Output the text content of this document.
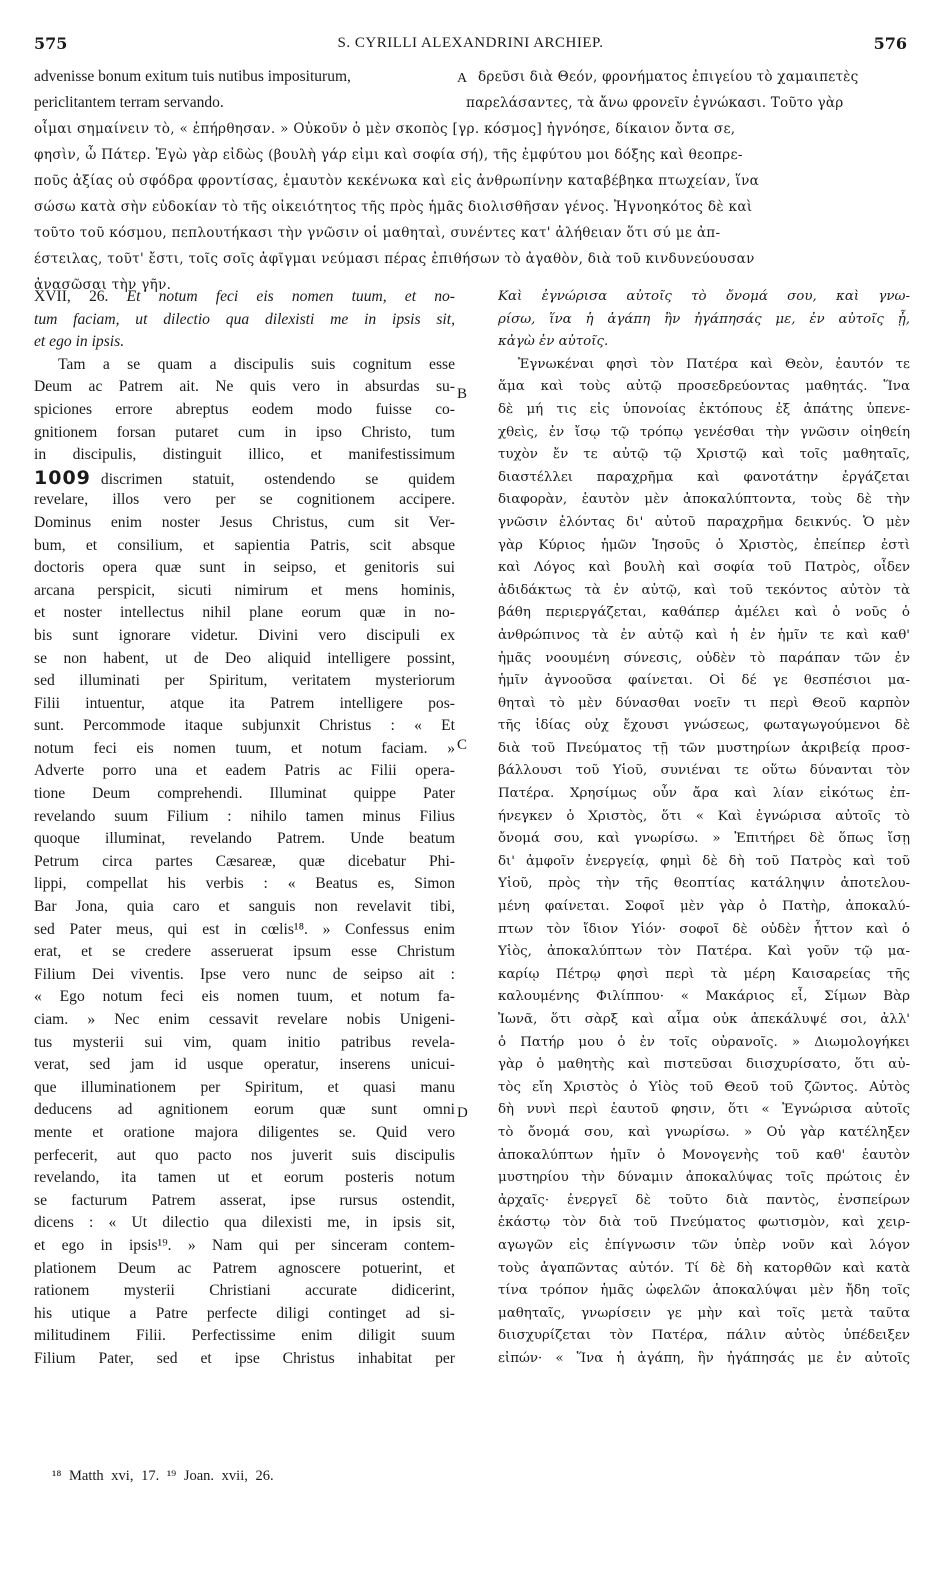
575	S. CYRILLI ALEXANDRINI ARCHIEP.	576
advenisse bonum exitum tuis nutibus impositurum,	A δρεῦσι διὰ Θεόν, φρονήματος ἐπιγείου τὸ χαμαιπετὲς
periclitantem terram servando.	παρελάσαντες, τὰ ἄνω φρονεῖν ἐγνώκασι. Τοῦτο γὰρ
οἶμαι σημαίνειν τὸ, « ἐπήρθησαν. » Οὐκοῦν ὁ μὲν σκοπὸς [γρ. κόσμος] ἠγνόησε, δίκαιον ὄντα σε,
φησὶν, ὦ Πάτερ. Ἐγὼ γὰρ εἰδὼς (βουλὴ γάρ εἰμι καὶ σοφία σή), τῆς ἐμφύτου μοι δόξης καὶ θεοπρε-
ποῦς ἀξίας οὐ σφόδρα φροντίσας, ἐμαυτὸν κεκένωκα καὶ εἰς ἀνθρωπίνην καταβέβηκα πτωχείαν, ἵνα
σώσω κατὰ σὴν εὐδοκίαν τὸ τῆς οἰκειότητος τῆς πρὸς ἡμᾶς διολισθῆσαν γένος. Ἠγνοηκότος δὲ καὶ
τοῦτο τοῦ κόσμου, πεπλουτήκασι τὴν γνῶσιν οἱ μαθηταὶ, συνέντες κατ' ἀλήθειαν ὅτι σύ με ἀπ-
έστειλας, τοῦτ' ἔστι, τοῖς σοῖς ἀφῖγμαι νεύμασι πέρας ἐπιθήσων τὸ ἀγαθὸν, διὰ τοῦ κινδυνεύουσαν
ἀνασῶσαι τὴν γῆν.
XVII, 26. Et notum feci eis nomen tuum, et no-
tum faciam, ut dilectio qua dilexisti me in ipsis sit,
et ego in ipsis.
Tam a se quam a discipulis suis cognitum esse
Deum ac Patrem ait. Ne quis vero in absurdas su-
spiciones errore abreptus eodem modo fuisse co-
gnitionem forsan putaret cum in ipso Christo, tum
in discipulis, distinguit illico, et manifestissimum
1009 discrimen statuit, ostendendo se quidem
revelare, illos vero per se cognitionem accipere.
Dominus enim noster Jesus Christus, cum sit Ver-
bum, et consilium, et sapientia Patris, scit absque
doctoris opera quæ sunt in seipso, et genitoris sui
arcana perspicit, sicuti nimirum et mens hominis,
et noster intellectus nihil plane eorum quæ in no-
bis sunt ignorare videtur. Divini vero discipuli ex
se non habent, ut de Deo aliquid intelligere possint,
sed illuminati per Spiritum, veritatem mysteriorum
Filii intuentur, atque ita Patrem intelligere pos-
sunt. Percommode itaque subjunxit Christus : « Et
notum feci eis nomen tuum, et notum faciam. »
Adverte porro una et eadem Patris ac Filii opera-
tione Deum comprehendi. Illuminat quippe Pater
revelando suum Filium : nihilo tamen minus Filius
quoque illuminat, revelando Patrem. Unde beatum
Petrum circa partes Cæsareæ, quæ dicebatur Phi-
lippi, compellat his verbis : « Beatus es, Simon
Bar Jona, quia caro et sanguis non revelavit tibi,
sed Pater meus, qui est in cœlis¹⁸. » Confessus enim
erat, et se credere asseruerat ipsum esse Christum
Filium Dei viventis. Ipse vero nunc de seipso ait :
« Ego notum feci eis nomen tuum, et notum fa-
ciam. » Nec enim cessavit revelare nobis Unigeni-
tus mysterii sui vim, quam initio patribus revela-
verat, sed jam id usque operatur, inserens unicui-
que illuminationem per Spiritum, et quasi manu
deducens ad agnitionem eorum quæ sunt omni
mente et oratione majora diligentes se. Quid vero
perfecerit, aut quo pacto nos juverit suis discipulis
revelando, ita tamen ut et eorum posteris notum
se facturum Patrem asserat, ipse rursus ostendit,
dicens : « Ut dilectio qua dilexisti me, in ipsis sit,
et ego in ipsis¹⁹. » Nam qui per sinceram contem-
plationem Deum ac Patrem agnoscere potuerint, et
rationem mysterii Christiani accurate didicerint,
his utique a Patre perfecte diligi continget ad si-
militudinem Filii. Perfectissime enim diligit suum
Filium Pater, sed et ipse Christus inhabitat per
B
C
D
Καὶ ἐγνώρισα αὐτοῖς τὸ ὄνομά σου, καὶ γνω-
ρίσω, ἵνα ἡ ἀγάπη ἣν ἠγάπησάς με, ἐν αὐτοῖς ᾖ,
κἀγὼ ἐν αὐτοῖς.
Ἐγνωκέναι φησὶ τὸν Πατέρα καὶ Θεὸν, ἑαυτόν τε
ἅμα καὶ τοὺς αὐτῷ προσεδρεύοντας μαθητάς. Ἵνα
δὲ μή τις εἰς ὑπονοίας ἐκτόπους ἐξ ἀπάτης ὑπενε-
χθεὶς, ἐν ἴσῳ τῷ τρόπῳ γενέσθαι τὴν γνῶσιν οἰηθείη
τυχὸν ἔν τε αὐτῷ τῷ Χριστῷ καὶ τοῖς μαθηταῖς,
διαστέλλει παραχρῆμα καὶ φανοτάτην ἐργάζεται
διαφορὰν, ἑαυτὸν μὲν ἀποκαλύπτοντα, τοὺς δὲ τὴν
γνῶσιν ἑλόντας δι' αὐτοῦ παραχρῆμα δεικνύς. Ὁ μὲν
γὰρ Κύριος ἡμῶν Ἰησοῦς ὁ Χριστὸς, ἐπείπερ ἐστὶ
καὶ Λόγος καὶ βουλὴ καὶ σοφία τοῦ Πατρὸς, οἶδεν
ἀδιδάκτως τὰ ἐν αὐτῷ, καὶ τοῦ τεκόντος αὐτὸν τὰ
βάθη περιεργάζεται, καθάπερ ἀμέλει καὶ ὁ νοῦς ὁ
ἀνθρώπινος τὰ ἐν αὐτῷ καὶ ἡ ἐν ἡμῖν τε καὶ καθ'
ἡμᾶς νοουμένη σύνεσις, οὐδὲν τὸ παράπαν τῶν ἐν
ἡμῖν ἀγνοοῦσα φαίνεται. Οἱ δέ γε θεσπέσιοι μα-
θηταὶ τὸ μὲν δύνασθαι νοεῖν τι περὶ Θεοῦ καρπὸν
τῆς ἰδίας οὐχ ἔχουσι γνώσεως, φωταγωγούμενοι δὲ
διὰ τοῦ Πνεύματος τῇ τῶν μυστηρίων ἀκριβείᾳ προσ-
βάλλουσι τοῦ Υἱοῦ, συνιέναι τε οὕτω δύνανται τὸν
Πατέρα. Χρησίμως οὖν ἄρα καὶ λίαν εἰκότως ἐπ-
ήνεγκεν ὁ Χριστὸς, ὅτι « Καὶ ἐγνώρισα αὐτοῖς τὸ
ὄνομά σου, καὶ γνωρίσω. » Ἐπιτήρει δὲ ὅπως ἴσῃ
δι' ἀμφοῖν ἐνεργείᾳ, φημὶ δὲ δὴ τοῦ Πατρὸς καὶ τοῦ
Υἱοῦ, πρὸς τὴν τῆς θεοπτίας κατάληψιν ἀποτελου-
μένη φαίνεται. Σοφοῖ μὲν γὰρ ὁ Πατὴρ, ἀποκαλύ-
πτων τὸν ἴδιον Υἱόν· σοφοῖ δὲ οὐδὲν ἧττον καὶ ὁ
Υἱὸς, ἀποκαλύπτων τὸν Πατέρα. Καὶ γοῦν τῷ μα-
καρίῳ Πέτρῳ φησὶ περὶ τὰ μέρη Καισαρείας τῆς
καλουμένης Φιλίππου· « Μακάριος εἶ, Σίμων Βὰρ
Ἰωνᾶ, ὅτι σὰρξ καὶ αἷμα οὐκ ἀπεκάλυψέ σοι, ἀλλ'
ὁ Πατήρ μου ὁ ἐν τοῖς οὐρανοῖς. » Διωμολογήκει
γὰρ ὁ μαθητὴς καὶ πιστεῦσαι διισχυρίσατο, ὅτι αὐ-
τὸς εἴη Χριστὸς ὁ Υἱὸς τοῦ Θεοῦ τοῦ ζῶντος. Αὐτὸς
δὴ νυνὶ περὶ ἑαυτοῦ φησιν, ὅτι « Ἐγνώρισα αὐτοῖς
τὸ ὄνομά σου, καὶ γνωρίσω. » Οὐ γὰρ κατέληξεν
ἀποκαλύπτων ἡμῖν ὁ Μονογενὴς τοῦ καθ' ἑαυτὸν
μυστηρίου τὴν δύναμιν ἀποκαλύψας τοῖς πρώτοις ἐν
ἀρχαῖς· ἐνεργεῖ δὲ τοῦτο διὰ παντὸς, ἐνσπείρων
ἑκάστῳ τὸν διὰ τοῦ Πνεύματος φωτισμὸν, καὶ χειρ-
αγωγῶν εἰς ἐπίγνωσιν τῶν ὑπὲρ νοῦν καὶ λόγον
τοὺς ἀγαπῶντας αὐτόν. Τί δὲ δὴ κατορθῶν καὶ κατὰ
τίνα τρόπον ἡμᾶς ὠφελῶν ἀποκαλύψαι μὲν ἤδη τοῖς
μαθηταῖς, γνωρίσειν γε μὴν καὶ τοῖς μετὰ ταῦτα
διισχυρίζεται τὸν Πατέρα, πάλιν αὐτὸς ὑπέδειξεν
εἰπών· « Ἵνα ἡ ἀγάπη, ἣν ἠγάπησάς με ἐν αὐτοῖς
¹⁸ Matth xvi, 17. ¹⁹ Joan. xvii, 26.
